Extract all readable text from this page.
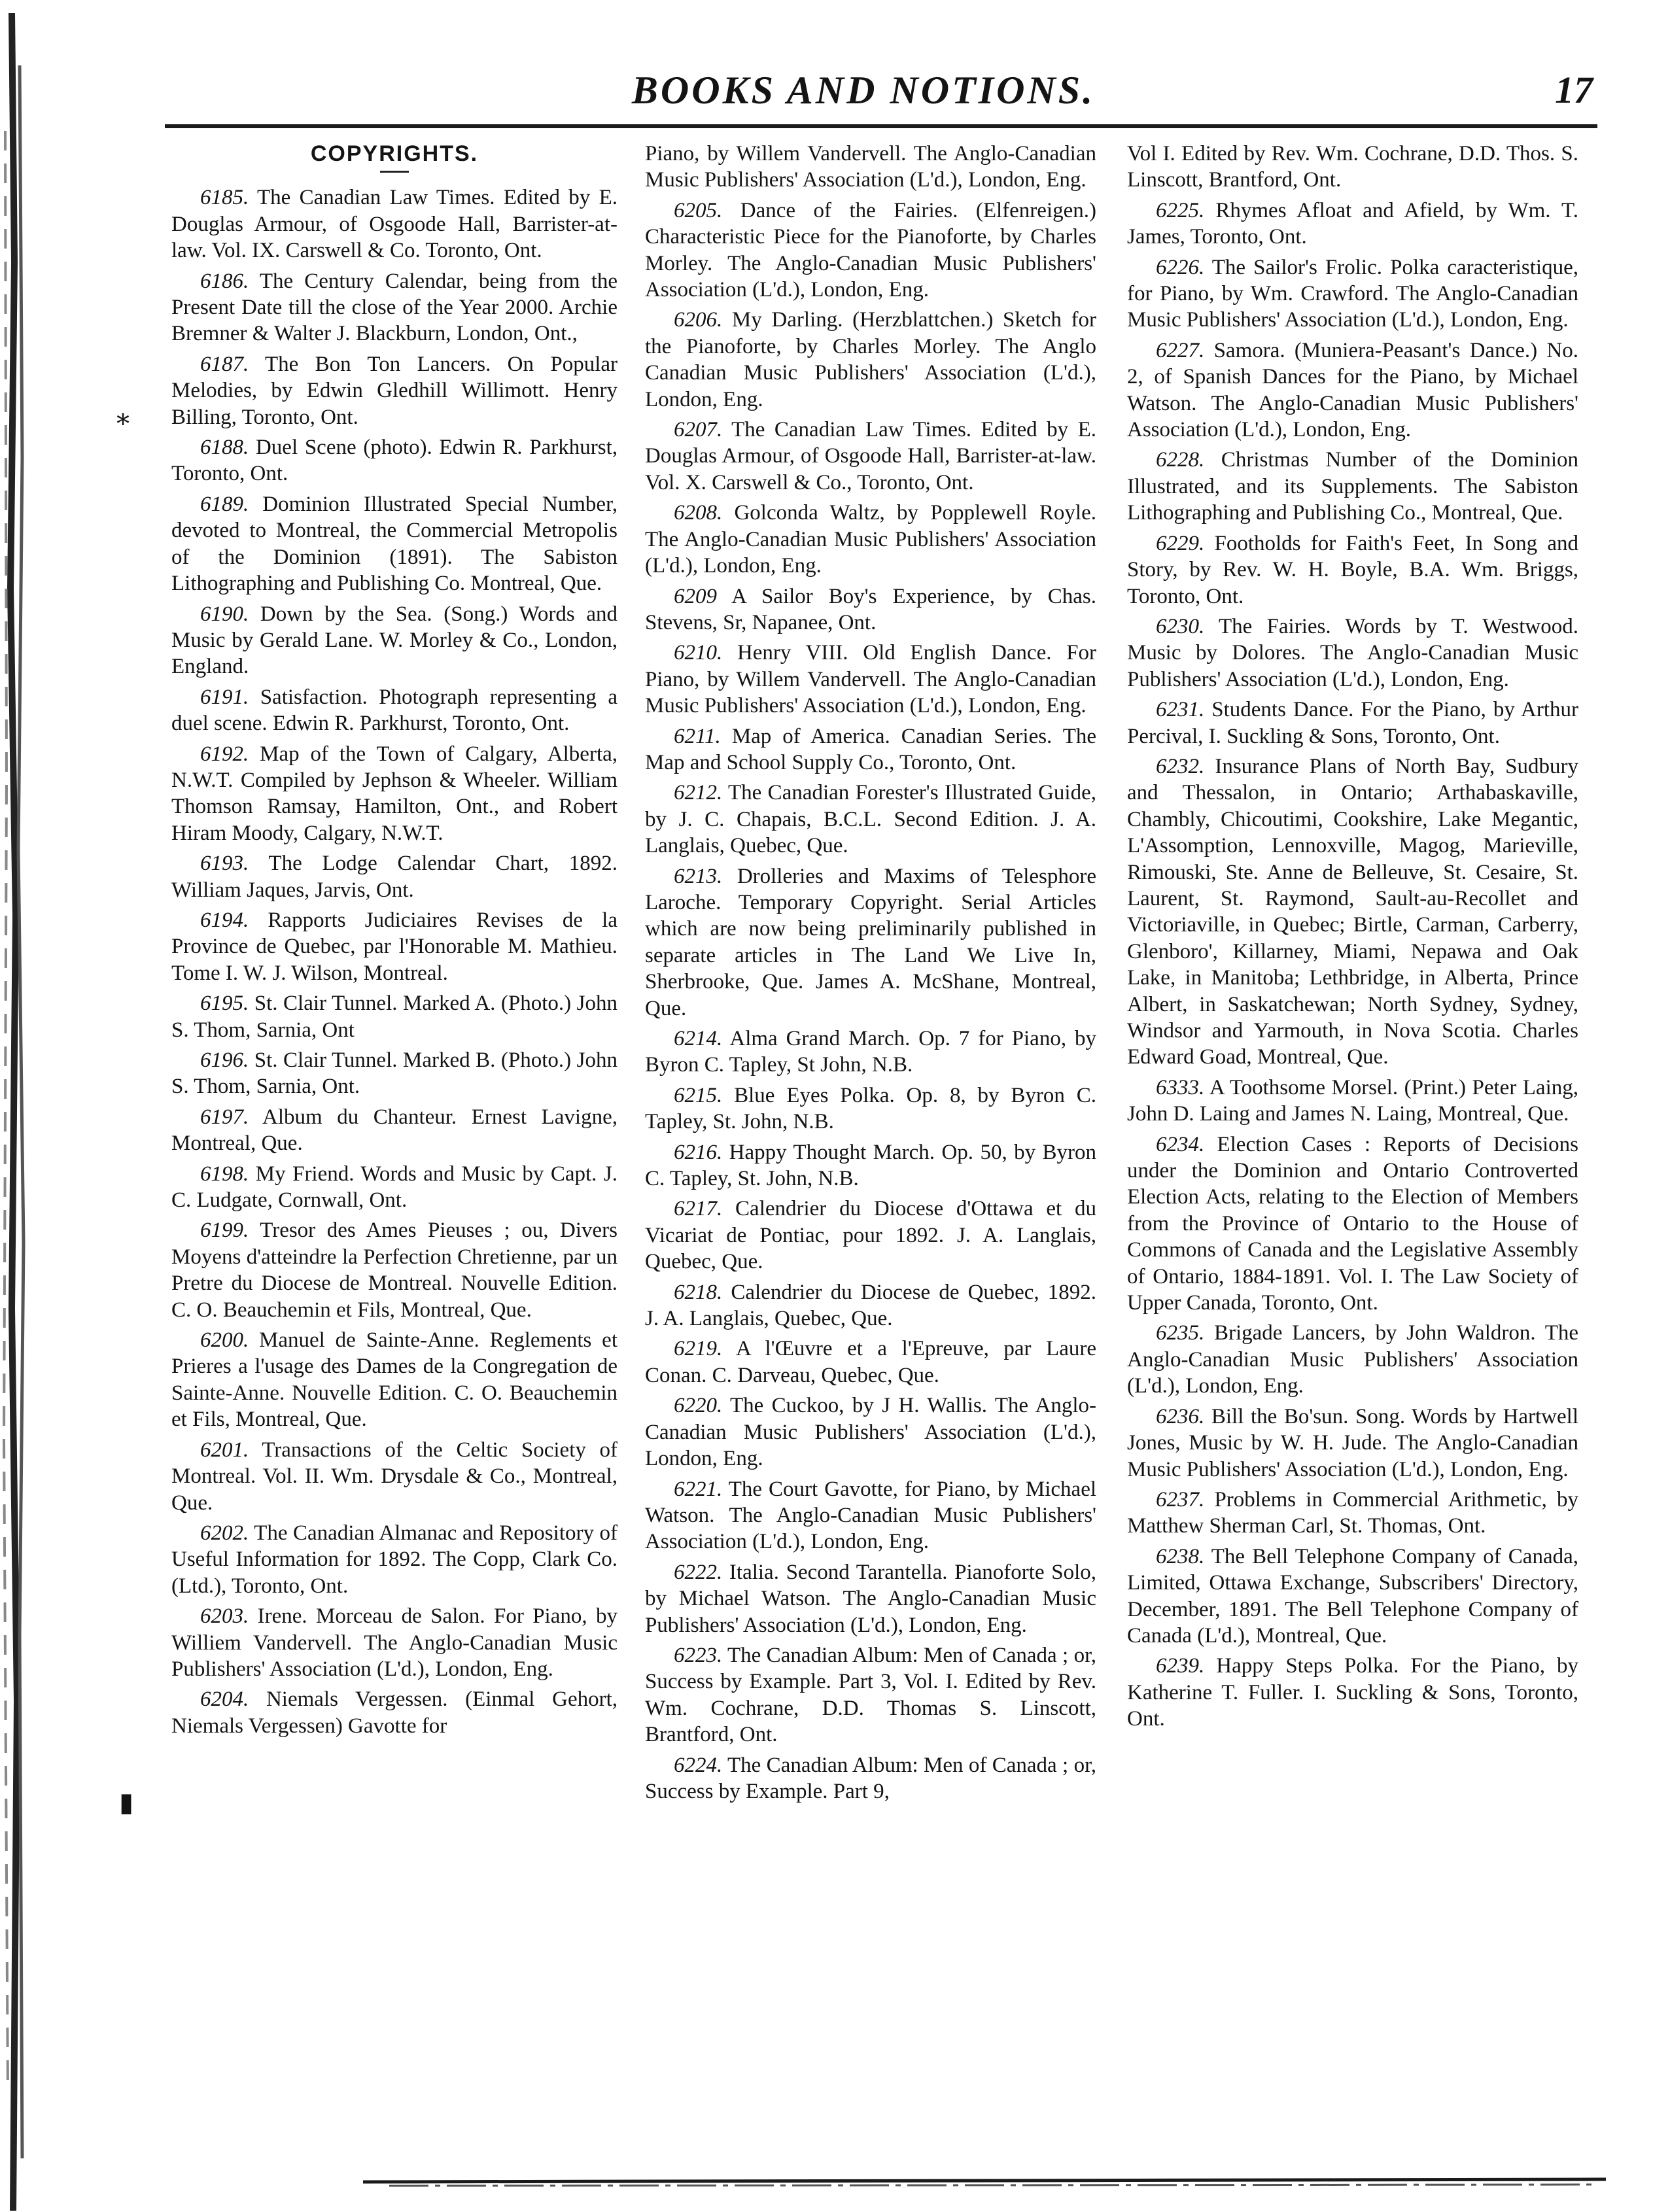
⁎
▮
BOOKS AND NOTIONS.	17
COPYRIGHTS.

6185. The Canadian Law Times. Edited by E. Douglas Armour, of Osgoode Hall, Barrister-at-law. Vol. IX. Carswell & Co. Toronto, Ont.

6186. The Century Calendar, being from the Present Date till the close of the Year 2000. Archie Bremner & Walter J. Blackburn, London, Ont.,

6187. The Bon Ton Lancers. On Popular Melodies, by Edwin Gledhill Willimott. Henry Billing, Toronto, Ont.

6188. Duel Scene (photo). Edwin R. Parkhurst, Toronto, Ont.

6189. Dominion Illustrated Special Number, devoted to Montreal, the Commercial Metropolis of the Dominion (1891). The Sabiston Lithographing and Publishing Co. Montreal, Que.

6190. Down by the Sea. (Song.) Words and Music by Gerald Lane. W. Morley & Co., London, England.

6191. Satisfaction. Photograph representing a duel scene. Edwin R. Parkhurst, Toronto, Ont.

6192. Map of the Town of Calgary, Alberta, N.W.T. Compiled by Jephson & Wheeler. William Thomson Ramsay, Hamilton, Ont., and Robert Hiram Moody, Calgary, N.W.T.

6193. The Lodge Calendar Chart, 1892. William Jaques, Jarvis, Ont.

6194. Rapports Judiciaires Revises de la Province de Quebec, par l'Honorable M. Mathieu. Tome I. W. J. Wilson, Montreal.

6195. St. Clair Tunnel. Marked A. (Photo.) John S. Thom, Sarnia, Ont

6196. St. Clair Tunnel. Marked B. (Photo.) John S. Thom, Sarnia, Ont.

6197. Album du Chanteur. Ernest Lavigne, Montreal, Que.

6198. My Friend. Words and Music by Capt. J. C. Ludgate, Cornwall, Ont.

6199. Tresor des Ames Pieuses ; ou, Divers Moyens d'atteindre la Perfection Chretienne, par un Pretre du Diocese de Montreal. Nouvelle Edition. C. O. Beauchemin et Fils, Montreal, Que.

6200. Manuel de Sainte-Anne. Reglements et Prieres a l'usage des Dames de la Congregation de Sainte-Anne. Nouvelle Edition. C. O. Beauchemin et Fils, Montreal, Que.

6201. Transactions of the Celtic Society of Montreal. Vol. II. Wm. Drysdale & Co., Montreal, Que.

6202. The Canadian Almanac and Repository of Useful Information for 1892. The Copp, Clark Co. (Ltd.), Toronto, Ont.

6203. Irene. Morceau de Salon. For Piano, by Williem Vandervell. The Anglo-Canadian Music Publishers' Association (L'd.), London, Eng.

6204. Niemals Vergessen. (Einmal Gehort, Niemals Vergessen) Gavotte for

Piano, by Willem Vandervell. The Anglo-Canadian Music Publishers' Association (L'd.), London, Eng.

6205. Dance of the Fairies. (Elfenreigen.) Characteristic Piece for the Pianoforte, by Charles Morley. The Anglo-Canadian Music Publishers' Association (L'd.), London, Eng.

6206. My Darling. (Herzblattchen.) Sketch for the Pianoforte, by Charles Morley. The Anglo Canadian Music Publishers' Association (L'd.), London, Eng.

6207. The Canadian Law Times. Edited by E. Douglas Armour, of Osgoode Hall, Barrister-at-law. Vol. X. Carswell & Co., Toronto, Ont.

6208. Golconda Waltz, by Popplewell Royle. The Anglo-Canadian Music Publishers' Association (L'd.), London, Eng.

6209 A Sailor Boy's Experience, by Chas. Stevens, Sr, Napanee, Ont.

6210. Henry VIII. Old English Dance. For Piano, by Willem Vandervell. The Anglo-Canadian Music Publishers' Association (L'd.), London, Eng.

6211. Map of America. Canadian Series. The Map and School Supply Co., Toronto, Ont.

6212. The Canadian Forester's Illustrated Guide, by J. C. Chapais, B.C.L. Second Edition. J. A. Langlais, Quebec, Que.

6213. Drolleries and Maxims of Telesphore Laroche. Temporary Copyright. Serial Articles which are now being preliminarily published in separate articles in The Land We Live In, Sherbrooke, Que. James A. McShane, Montreal, Que.

6214. Alma Grand March. Op. 7 for Piano, by Byron C. Tapley, St John, N.B.

6215. Blue Eyes Polka. Op. 8, by Byron C. Tapley, St. John, N.B.

6216. Happy Thought March. Op. 50, by Byron C. Tapley, St. John, N.B.

6217. Calendrier du Diocese d'Ottawa et du Vicariat de Pontiac, pour 1892. J. A. Langlais, Quebec, Que.

6218. Calendrier du Diocese de Quebec, 1892. J. A. Langlais, Quebec, Que.

6219. A l'Œuvre et a l'Epreuve, par Laure Conan. C. Darveau, Quebec, Que.

6220. The Cuckoo, by J H. Wallis. The Anglo-Canadian Music Publishers' Association (L'd.), London, Eng.

6221. The Court Gavotte, for Piano, by Michael Watson. The Anglo-Canadian Music Publishers' Association (L'd.), London, Eng.

6222. Italia. Second Tarantella. Pianoforte Solo, by Michael Watson. The Anglo-Canadian Music Publishers' Association (L'd.), London, Eng.

6223. The Canadian Album: Men of Canada ; or, Success by Example. Part 3, Vol. I. Edited by Rev. Wm. Cochrane, D.D. Thomas S. Linscott, Brantford, Ont.

6224. The Canadian Album: Men of Canada ; or, Success by Example. Part 9,

Vol I. Edited by Rev. Wm. Cochrane, D.D. Thos. S. Linscott, Brantford, Ont.

6225. Rhymes Afloat and Afield, by Wm. T. James, Toronto, Ont.

6226. The Sailor's Frolic. Polka caracteristique, for Piano, by Wm. Crawford. The Anglo-Canadian Music Publishers' Association (L'd.), London, Eng.

6227. Samora. (Muniera-Peasant's Dance.) No. 2, of Spanish Dances for the Piano, by Michael Watson. The Anglo-Canadian Music Publishers' Association (L'd.), London, Eng.

6228. Christmas Number of the Dominion Illustrated, and its Supplements. The Sabiston Lithographing and Publishing Co., Montreal, Que.

6229. Footholds for Faith's Feet, In Song and Story, by Rev. W. H. Boyle, B.A. Wm. Briggs, Toronto, Ont.

6230. The Fairies. Words by T. Westwood. Music by Dolores. The Anglo-Canadian Music Publishers' Association (L'd.), London, Eng.

6231. Students Dance. For the Piano, by Arthur Percival, I. Suckling & Sons, Toronto, Ont.

6232. Insurance Plans of North Bay, Sudbury and Thessalon, in Ontario; Arthabaskaville, Chambly, Chicoutimi, Cookshire, Lake Megantic, L'Assomption, Lennoxville, Magog, Marieville, Rimouski, Ste. Anne de Belleuve, St. Cesaire, St. Laurent, St. Raymond, Sault-au-Recollet and Victoriaville, in Quebec; Birtle, Carman, Carberry, Glenboro', Killarney, Miami, Nepawa and Oak Lake, in Manitoba; Lethbridge, in Alberta, Prince Albert, in Saskatchewan; North Sydney, Sydney, Windsor and Yarmouth, in Nova Scotia. Charles Edward Goad, Montreal, Que.

6333. A Toothsome Morsel. (Print.) Peter Laing, John D. Laing and James N. Laing, Montreal, Que.

6234. Election Cases : Reports of Decisions under the Dominion and Ontario Controverted Election Acts, relating to the Election of Members from the Province of Ontario to the House of Commons of Canada and the Legislative Assembly of Ontario, 1884-1891. Vol. I. The Law Society of Upper Canada, Toronto, Ont.

6235. Brigade Lancers, by John Waldron. The Anglo-Canadian Music Publishers' Association (L'd.), London, Eng.

6236. Bill the Bo'sun. Song. Words by Hartwell Jones, Music by W. H. Jude. The Anglo-Canadian Music Publishers' Association (L'd.), London, Eng.

6237. Problems in Commercial Arithmetic, by Matthew Sherman Carl, St. Thomas, Ont.

6238. The Bell Telephone Company of Canada, Limited, Ottawa Exchange, Subscribers' Directory, December, 1891. The Bell Telephone Company of Canada (L'd.), Montreal, Que.

6239. Happy Steps Polka. For the Piano, by Katherine T. Fuller. I. Suckling & Sons, Toronto, Ont.
